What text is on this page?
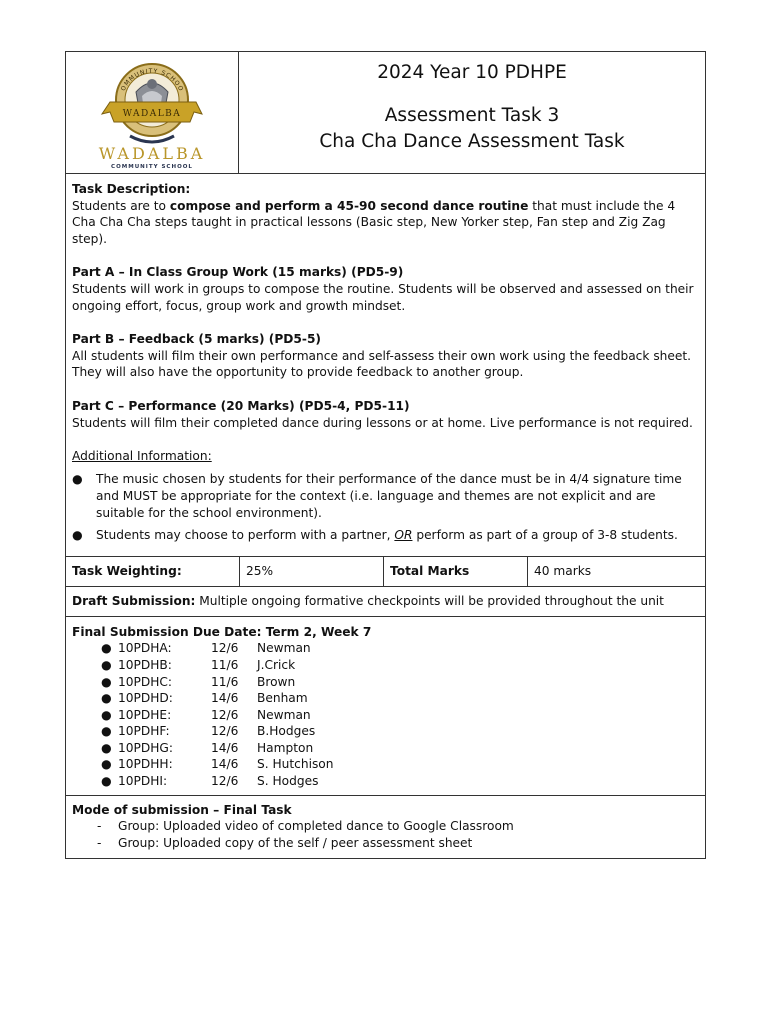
WADALBA
OMMUNITY SCHOO
WADALBA
COMMUNITY SCHOOL
2024 Year 10 PDHPE
Assessment Task 3
Cha Cha Dance Assessment Task
Task Description:
Students are to compose and perform a 45-90 second dance routine that must include the 4 Cha Cha Cha steps taught in practical lessons (Basic step, New Yorker step, Fan step and Zig Zag step).
Part A – In Class Group Work (15 marks) (PD5-9)
Students will work in groups to compose the routine. Students will be observed and assessed on their ongoing effort, focus, group work and growth mindset.
Part B – Feedback (5 marks) (PD5-5)
All students will film their own performance and self-assess their own work using the feedback sheet. They will also have the opportunity to provide feedback to another group.
Part C – Performance (20 Marks) (PD5-4, PD5-11)
Students will film their completed dance during lessons or at home. Live performance is not required.
Additional Information:
● The music chosen by students for their performance of the dance must be in 4/4 signature time and MUST be appropriate for the context (i.e. language and themes are not explicit and are suitable for the school environment).
● Students may choose to perform with a partner, OR perform as part of a group of 3-8 students.
Task Weighting:	25%	Total Marks	40 marks
Draft Submission: Multiple ongoing formative checkpoints will be provided throughout the unit
Final Submission Due Date: Term 2, Week 7
● 10PDHA:	12/6	Newman
● 10PDHB:	11/6	J.Crick
● 10PDHC:	11/6	Brown
● 10PDHD:	14/6	Benham
● 10PDHE:	12/6	Newman
● 10PDHF:	12/6	B.Hodges
● 10PDHG:	14/6	Hampton
● 10PDHH:	14/6	S. Hutchison
● 10PDHI:	12/6	S. Hodges
Mode of submission – Final Task
-	Group: Uploaded video of completed dance to Google Classroom
-	Group: Uploaded copy of the self / peer assessment sheet
